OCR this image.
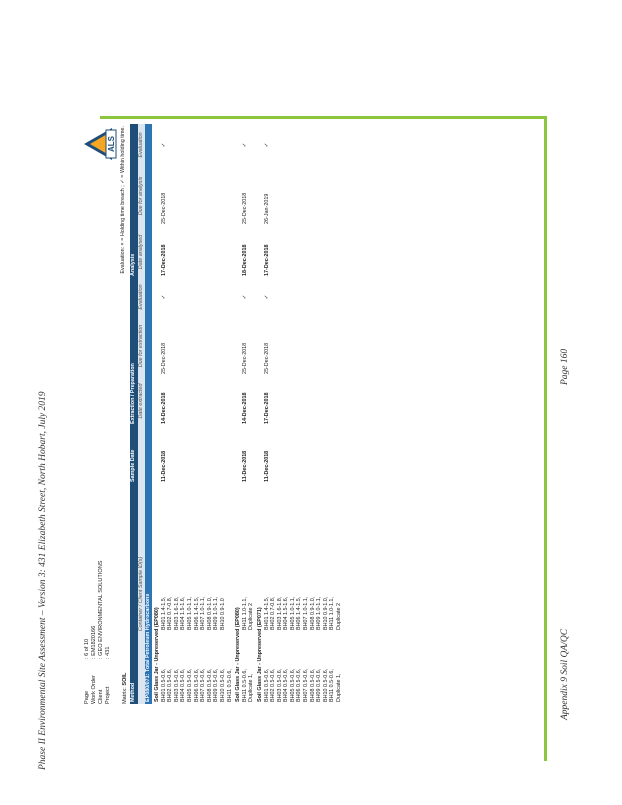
Phase II Environmental Site Assessment – Version 3: 431 Elizabeth Street, North Hobart, July 2019	Appendix 9 Soil QA/QC
Page 160
Page
: 6 of 10
Work Order
: EM1820166
Client
: GEO ENVIRONMENTAL SOLUTIONS
Project
: 431
ALS Evaluation: × = Holding time breach ; ✓ = Within holding time.
Matrix: SOIL
Method		Sample Date	Extraction / Preparation			Analysis		
Container / Client Sample ID(s)			Date extracted	Due for extraction	Evaluation	Date analysed	Due for analysis	Evaluation
EP080/071: Total Petroleum Hydrocarbons								
Soil Glass Jar - Unpreserved (EP080)								
BH01 0.5-0.6,	BH01 1.4-1.5,	11-Dec-2018	14-Dec-2018	25-Dec-2018	✓	17-Dec-2018	25-Dec-2018	✓
BH02 0.5-0.6,	BH02 0.7-0.8,							
BH03 0.5-0.6,	BH03 1.6-1.8,							
BH04 0.5-0.6,	BH04 1.5-1.6,							
BH05 0.5-0.6,	BH05 1.0-1.1,							
BH06 0.5-0.6,	BH06 1.4-1.5,							
BH07 0.5-0.6,	BH07 1.0-1.1,							
BH08 0.5-0.6,	BH08 0.9-1.0,							
BH09 0.5-0.6,	BH09 1.0-1.1,							
BH10 0.5-0.6,	BH10 0.9-1.0							
BH11 0.5-0.6,								
Soil Glass Jar - Unpreserved (EP080)								
BH11 0.5-0.6,	BH11 1.0-1.1,	11-Dec-2018	14-Dec-2018	25-Dec-2018	✓	18-Dec-2018	25-Dec-2018	✓
Duplicate 1,	Duplicate 2							
Soil Glass Jar - Unpreserved (EP071)								
BH01 0.5-0.6,	BH01 1.4-1.5,	11-Dec-2018	17-Dec-2018	25-Dec-2018	✓	17-Dec-2018	26-Jan-2019	✓
BH02 0.5-0.6,	BH02 0.7-0.8,							
BH03 0.5-0.6,	BH03 1.6-1.8,							
BH04 0.5-0.6,	BH04 1.5-1.6,							
BH05 0.5-0.6,	BH05 1.0-1.1,							
BH06 0.5-0.6,	BH06 1.4-1.5,							
BH07 0.5-0.6,	BH07 1.0-1.1,							
BH08 0.5-0.6,	BH08 0.9-1.0,							
BH09 0.5-0.6,	BH09 1.0-1.1,							
BH10 0.5-0.6,	BH10 0.9-1.0,							
BH11 0.5-0.6,	BH11 1.0-1.1,							
Duplicate 1,	Duplicate 2							
